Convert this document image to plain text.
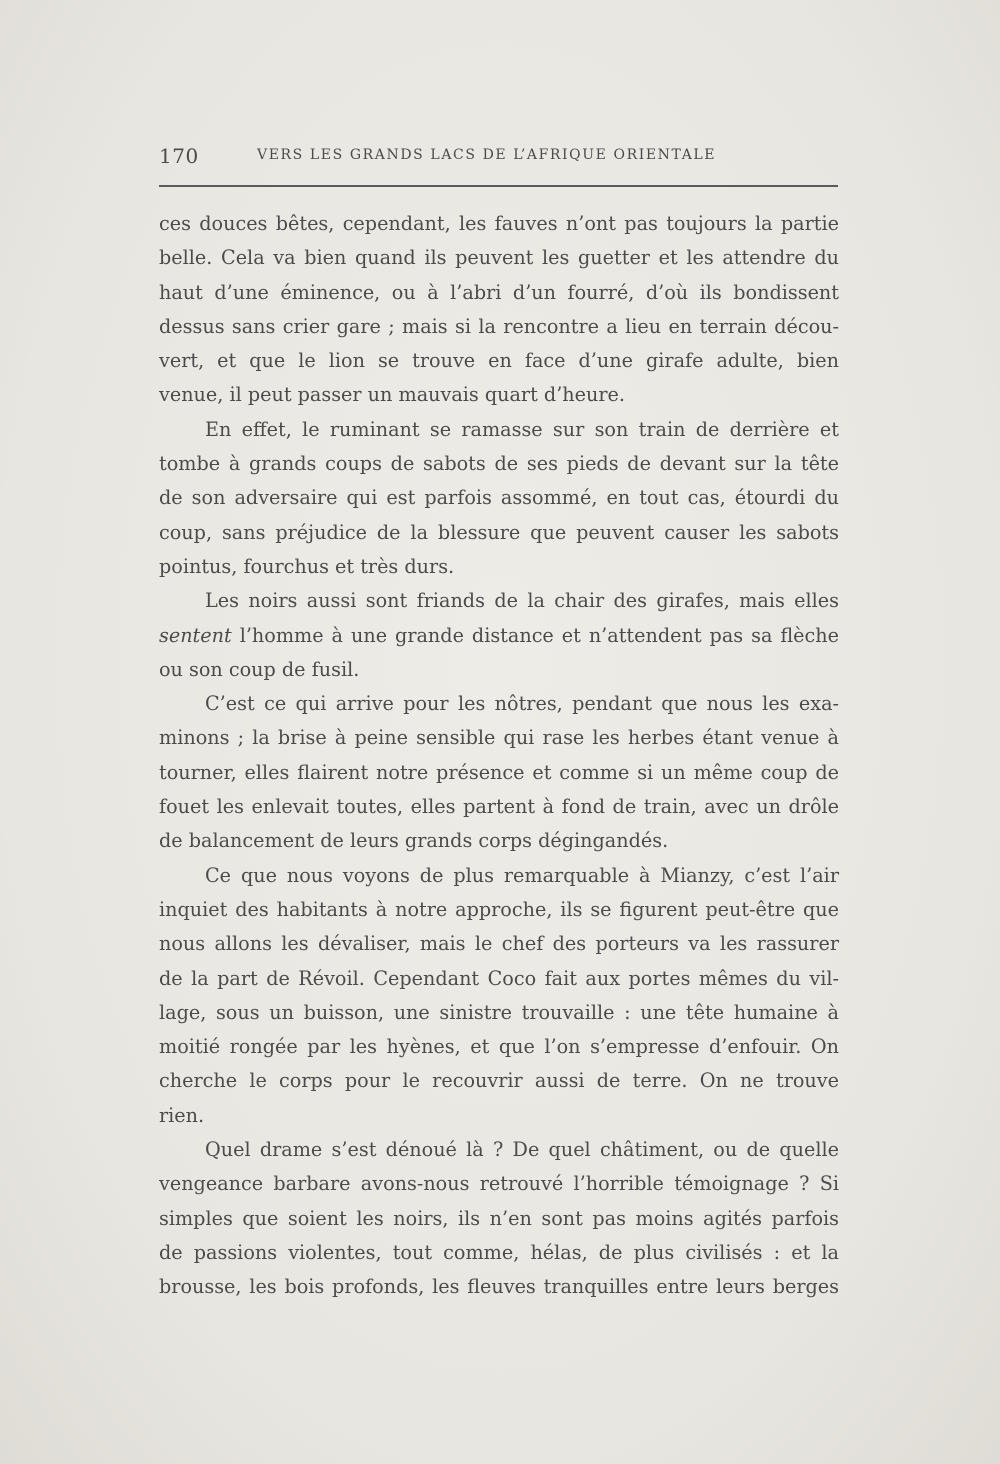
170	VERS LES GRANDS LACS DE L’AFRIQUE ORIENTALE
ces douces bêtes, cependant, les fauves n’ont pas toujours la partie
belle. Cela va bien quand ils peuvent les guetter et les attendre du
haut d’une éminence, ou à l’abri d’un fourré, d’où ils bondissent
dessus sans crier gare ; mais si la rencontre a lieu en terrain décou-
vert, et que le lion se trouve en face d’une girafe adulte, bien
venue, il peut passer un mauvais quart d’heure.
En effet, le ruminant se ramasse sur son train de derrière et
tombe à grands coups de sabots de ses pieds de devant sur la tête
de son adversaire qui est parfois assommé, en tout cas, étourdi du
coup, sans préjudice de la blessure que peuvent causer les sabots
pointus, fourchus et très durs.
Les noirs aussi sont friands de la chair des girafes, mais elles
sentent l’homme à une grande distance et n’attendent pas sa flèche
ou son coup de fusil.
C’est ce qui arrive pour les nôtres, pendant que nous les exa-
minons ; la brise à peine sensible qui rase les herbes étant venue à
tourner, elles flairent notre présence et comme si un même coup de
fouet les enlevait toutes, elles partent à fond de train, avec un drôle
de balancement de leurs grands corps dégingandés.
Ce que nous voyons de plus remarquable à Mianzy, c’est l’air
inquiet des habitants à notre approche, ils se figurent peut-être que
nous allons les dévaliser, mais le chef des porteurs va les rassurer
de la part de Révoil. Cependant Coco fait aux portes mêmes du vil-
lage, sous un buisson, une sinistre trouvaille : une tête humaine à
moitié rongée par les hyènes, et que l’on s’empresse d’enfouir. On
cherche le corps pour le recouvrir aussi de terre. On ne trouve
rien.
Quel drame s’est dénoué là ? De quel châtiment, ou de quelle
vengeance barbare avons-nous retrouvé l’horrible témoignage ? Si
simples que soient les noirs, ils n’en sont pas moins agités parfois
de passions violentes, tout comme, hélas, de plus civilisés : et la
brousse, les bois profonds, les fleuves tranquilles entre leurs berges
